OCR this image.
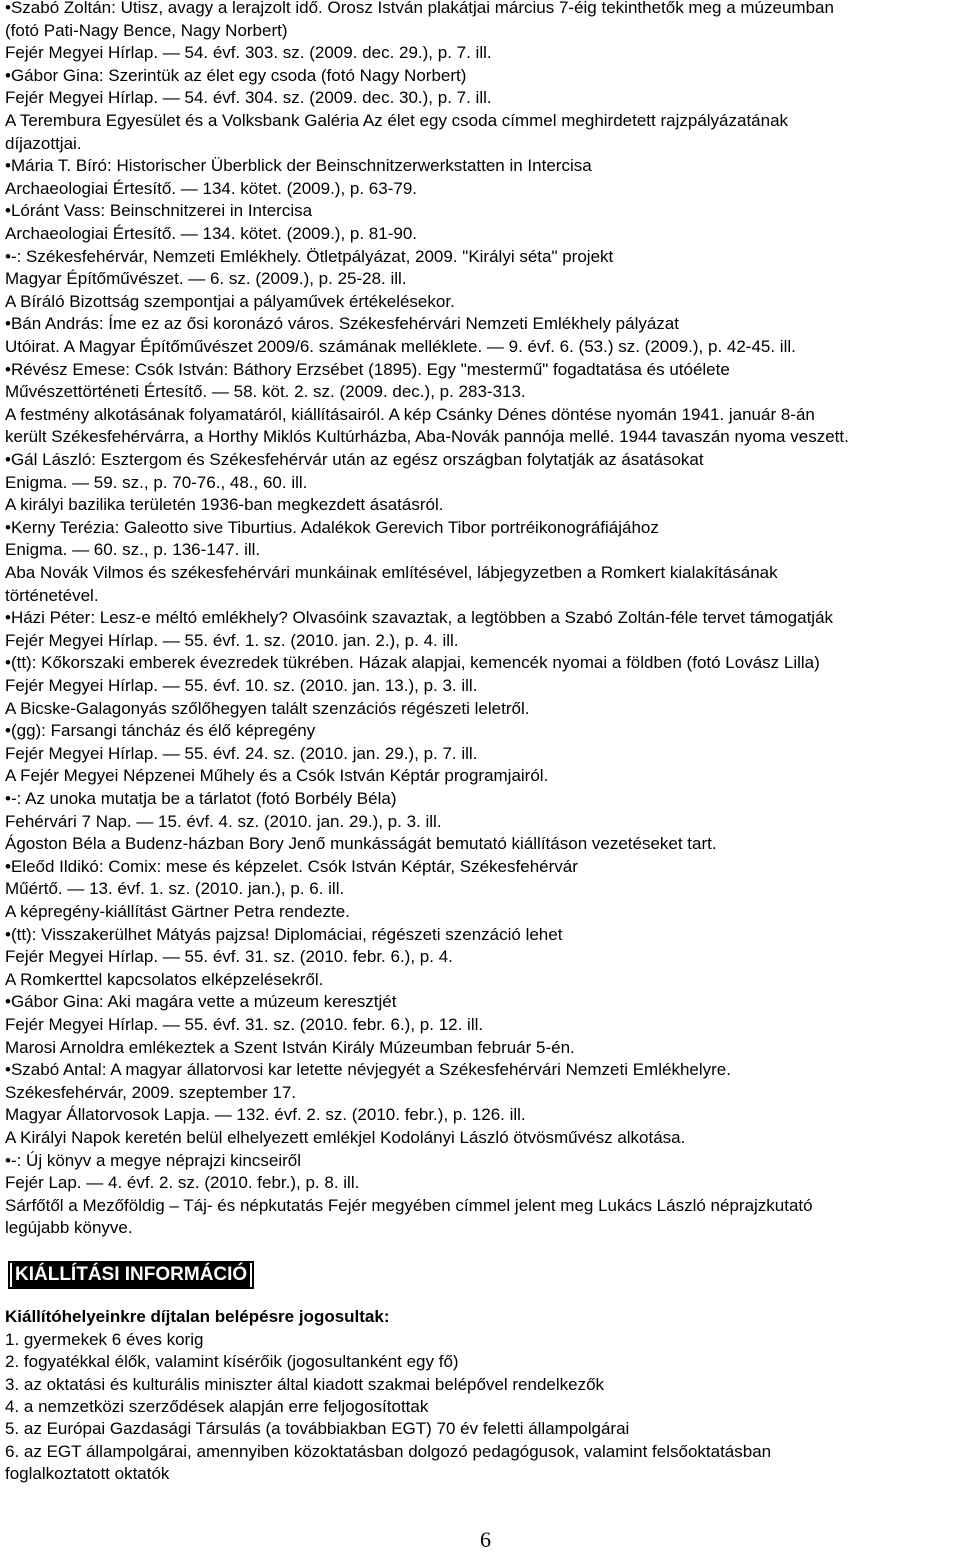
• Szabó Zoltán: Utisz, avagy a lerajzolt idő. Orosz István plakátjai március 7-éig tekinthetők meg a múzeumban
(fotó Pati-Nagy Bence, Nagy Norbert)
Fejér Megyei Hírlap. — 54. évf. 303. sz. (2009. dec. 29.), p. 7. ill.
• Gábor Gina: Szerintük az élet egy csoda (fotó Nagy Norbert)
Fejér Megyei Hírlap. — 54. évf. 304. sz. (2009. dec. 30.), p. 7. ill.
A Terembura Egyesület és a Volksbank Galéria Az élet egy csoda címmel meghirdetett rajzpályázatának
díjazottjai.
• Mária T. Bíró: Historischer Überblick der Beinschnitzerwerkstatten in Intercisa
Archaeologiai Értesítő. — 134. kötet. (2009.), p. 63-79.
• Lóránt Vass: Beinschnitzerei in Intercisa
Archaeologiai Értesítő. — 134. kötet. (2009.), p. 81-90.
• -: Székesfehérvár, Nemzeti Emlékhely. Ötletpályázat, 2009. "Királyi séta" projekt
Magyar Építőművészet. — 6. sz. (2009.), p. 25-28. ill.
A Bíráló Bizottság szempontjai a pályaművek értékelésekor.
• Bán András: Íme ez az ősi koronázó város. Székesfehérvári Nemzeti Emlékhely pályázat
Utóirat. A Magyar Építőművészet 2009/6. számának melléklete. — 9. évf. 6. (53.) sz. (2009.), p. 42-45. ill.
• Révész Emese: Csók István: Báthory Erzsébet (1895). Egy "mestermű" fogadtatása és utóélete
Művészettörténeti Értesítő. — 58. köt. 2. sz. (2009. dec.), p. 283-313.
A festmény alkotásának folyamatáról, kiállításairól. A kép Csánky Dénes döntése nyomán 1941. január 8-án
került Székesfehérvárra, a Horthy Miklós Kultúrházba, Aba-Novák pannója mellé. 1944 tavaszán nyoma veszett.
• Gál László: Esztergom és Székesfehérvár után az egész országban folytatják az ásatásokat
Enigma. — 59. sz., p. 70-76., 48., 60. ill.
A királyi bazilika területén 1936-ban megkezdett ásatásról.
• Kerny Terézia: Galeotto sive Tiburtius. Adalékok Gerevich Tibor portréikonográfiájához
Enigma. — 60. sz., p. 136-147. ill.
Aba Novák Vilmos és székesfehérvári munkáinak említésével, lábjegyzetben a Romkert kialakításának
történetével.
• Házi Péter: Lesz-e méltó emlékhely? Olvasóink szavaztak, a legtöbben a Szabó Zoltán-féle tervet támogatják
Fejér Megyei Hírlap. — 55. évf. 1. sz. (2010. jan. 2.), p. 4. ill.
• (tt): Kőkorszaki emberek évezredek tükrében. Házak alapjai, kemencék nyomai a földben (fotó Lovász Lilla)
Fejér Megyei Hírlap. — 55. évf. 10. sz. (2010. jan. 13.), p. 3. ill.
A Bicske-Galagonyás szőlőhegyen talált szenzációs régészeti leletről.
• (gg): Farsangi táncház és élő képregény
Fejér Megyei Hírlap. — 55. évf. 24. sz. (2010. jan. 29.), p. 7. ill.
A Fejér Megyei Népzenei Műhely és a Csók István Képtár programjairól.
• -: Az unoka mutatja be a tárlatot (fotó Borbély Béla)
Fehérvári 7 Nap. — 15. évf. 4. sz. (2010. jan. 29.), p. 3. ill.
Ágoston Béla a Budenz-házban Bory Jenő munkásságát bemutató kiállításon vezetéseket tart.
• Eleőd Ildikó: Comix: mese és képzelet. Csók István Képtár, Székesfehérvár
Műértő. — 13. évf. 1. sz. (2010. jan.), p. 6. ill.
A képregény-kiállítást Gärtner Petra rendezte.
• (tt): Visszakerülhet Mátyás pajzsa! Diplomáciai, régészeti szenzáció lehet
Fejér Megyei Hírlap. — 55. évf. 31. sz. (2010. febr. 6.), p. 4.
A Romkerttel kapcsolatos elképzelésekről.
• Gábor Gina: Aki magára vette a múzeum keresztjét
Fejér Megyei Hírlap. — 55. évf. 31. sz. (2010. febr. 6.), p. 12. ill.
Marosi Arnoldra emlékeztek a Szent István Király Múzeumban február 5-én.
• Szabó Antal: A magyar állatorvosi kar letette névjegyét a Székesfehérvári Nemzeti Emlékhelyre.
Székesfehérvár, 2009. szeptember 17.
Magyar Állatorvosok Lapja. — 132. évf. 2. sz. (2010. febr.), p. 126. ill.
A Királyi Napok keretén belül elhelyezett emlékjel Kodolányi László ötvösművész alkotása.
• -: Új könyv a megye néprajzi kincseiről
Fejér Lap. — 4. évf. 2. sz. (2010. febr.), p. 8. ill.
Sárfőtől a Mezőföldig – Táj- és népkutatás Fejér megyében címmel jelent meg Lukács László néprajzkutató
legújabb könyve.
KIÁLLÍTÁSI INFORMÁCIÓ
Kiállítóhelyeinkre díjtalan belépésre jogosultak:
1. gyermekek 6 éves korig
2. fogyatékkal élők, valamint kísérőik (jogosultanként egy fő)
3. az oktatási és kulturális miniszter által kiadott szakmai belépővel rendelkezők
4. a nemzetközi szerződések alapján erre feljogosítottak
5. az Európai Gazdasági Társulás (a továbbiakban EGT) 70 év feletti állampolgárai
6. az EGT állampolgárai, amennyiben közoktatásban dolgozó pedagógusok, valamint felsőoktatásban
foglalkoztatott oktatók
6
